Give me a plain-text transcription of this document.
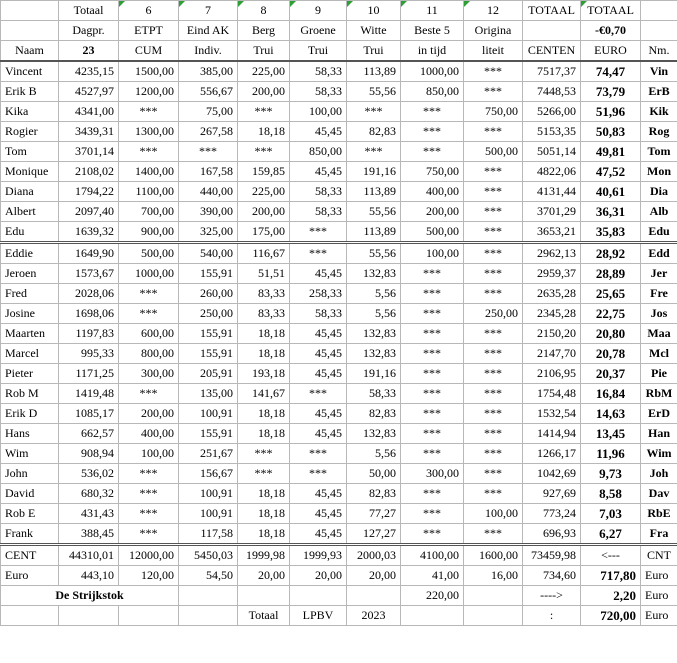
	Totaal	6	7	8	9	10	11	12	TOTAAL	TOTAAL	
	Dagpr.	ETPT	Eind AK	Berg	Groene	Witte	Beste 5	Origina		-€0,70	
Naam	23	CUM	Indiv.	Trui	Trui	Trui	in tijd	liteit	CENTEN	EURO	Nm.
Vincent	4235,15	1500,00	385,00	225,00	58,33	113,89	1000,00	***	7517,37	74,47	Vin
Erik B	4527,97	1200,00	556,67	200,00	58,33	55,56	850,00	***	7448,53	73,79	ErB
Kika	4341,00	***	75,00	***	100,00	***	***	750,00	5266,00	51,96	Kik
Rogier	3439,31	1300,00	267,58	18,18	45,45	82,83	***	***	5153,35	50,83	Rog
Tom	3701,14	***	***	***	850,00	***	***	500,00	5051,14	49,81	Tom
Monique	2108,02	1400,00	167,58	159,85	45,45	191,16	750,00	***	4822,06	47,52	Mon
Diana	1794,22	1100,00	440,00	225,00	58,33	113,89	400,00	***	4131,44	40,61	Dia
Albert	2097,40	700,00	390,00	200,00	58,33	55,56	200,00	***	3701,29	36,31	Alb
Edu	1639,32	900,00	325,00	175,00	***	113,89	500,00	***	3653,21	35,83	Edu
Eddie	1649,90	500,00	540,00	116,67	***	55,56	100,00	***	2962,13	28,92	Edd
Jeroen	1573,67	1000,00	155,91	51,51	45,45	132,83	***	***	2959,37	28,89	Jer
Fred	2028,06	***	260,00	83,33	258,33	5,56	***	***	2635,28	25,65	Fre
Josine	1698,06	***	250,00	83,33	58,33	5,56	***	250,00	2345,28	22,75	Jos
Maarten	1197,83	600,00	155,91	18,18	45,45	132,83	***	***	2150,20	20,80	Maa
Marcel	995,33	800,00	155,91	18,18	45,45	132,83	***	***	2147,70	20,78	Mcl
Pieter	1171,25	300,00	205,91	193,18	45,45	191,16	***	***	2106,95	20,37	Pie
Rob M	1419,48	***	135,00	141,67	***	58,33	***	***	1754,48	16,84	RbM
Erik D	1085,17	200,00	100,91	18,18	45,45	82,83	***	***	1532,54	14,63	ErD
Hans	662,57	400,00	155,91	18,18	45,45	132,83	***	***	1414,94	13,45	Han
Wim	908,94	100,00	251,67	***	***	5,56	***	***	1266,17	11,96	Wim
John	536,02	***	156,67	***	***	50,00	300,00	***	1042,69	9,73	Joh
David	680,32	***	100,91	18,18	45,45	82,83	***	***	927,69	8,58	Dav
Rob E	431,43	***	100,91	18,18	45,45	77,27	***	100,00	773,24	7,03	RbE
Frank	388,45	***	117,58	18,18	45,45	127,27	***	***	696,93	6,27	Fra
CENT	44310,01	12000,00	5450,03	1999,98	1999,93	2000,03	4100,00	1600,00	73459,98	<---	CNT
Euro	443,10	120,00	54,50	20,00	20,00	20,00	41,00	16,00	734,60	717,80	Euro
De Strijkstok							220,00		---->	2,20	Euro
				Totaal	LPBV	2023			:	720,00	Euro
